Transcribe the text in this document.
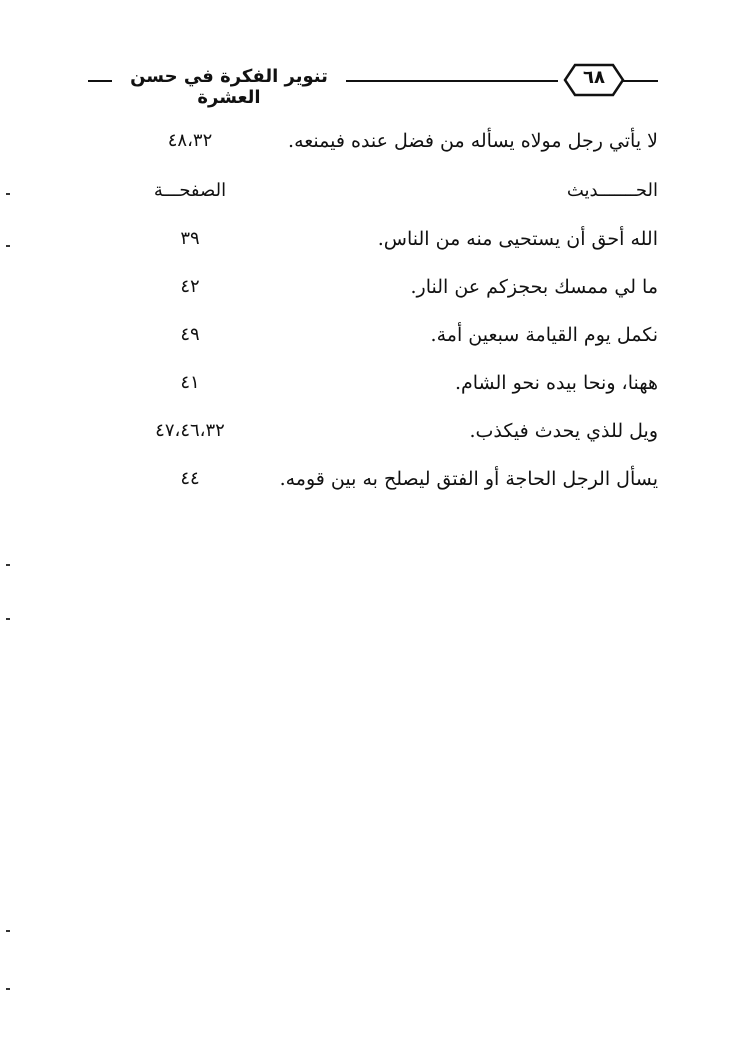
تنوير الفكرة في حسن العشرة
٦٨
لا يأتي رجل مولاه يسأله من فضل عنده فيمنعه.
٤٨،٣٢
الحـــــــديث
الصفحـــة
الله أحق أن يستحيى منه من الناس.
٣٩
ما لي ممسك بحجزكم عن النار.
٤٢
نكمل يوم القيامة سبعين أمة.
٤٩
ههنا، ونحا بيده نحو الشام.
٤١
ويل للذي يحدث فيكذب.
٤٧،٤٦،٣٢
يسأل الرجل الحاجة أو الفتق ليصلح به بين قومه.
٤٤
